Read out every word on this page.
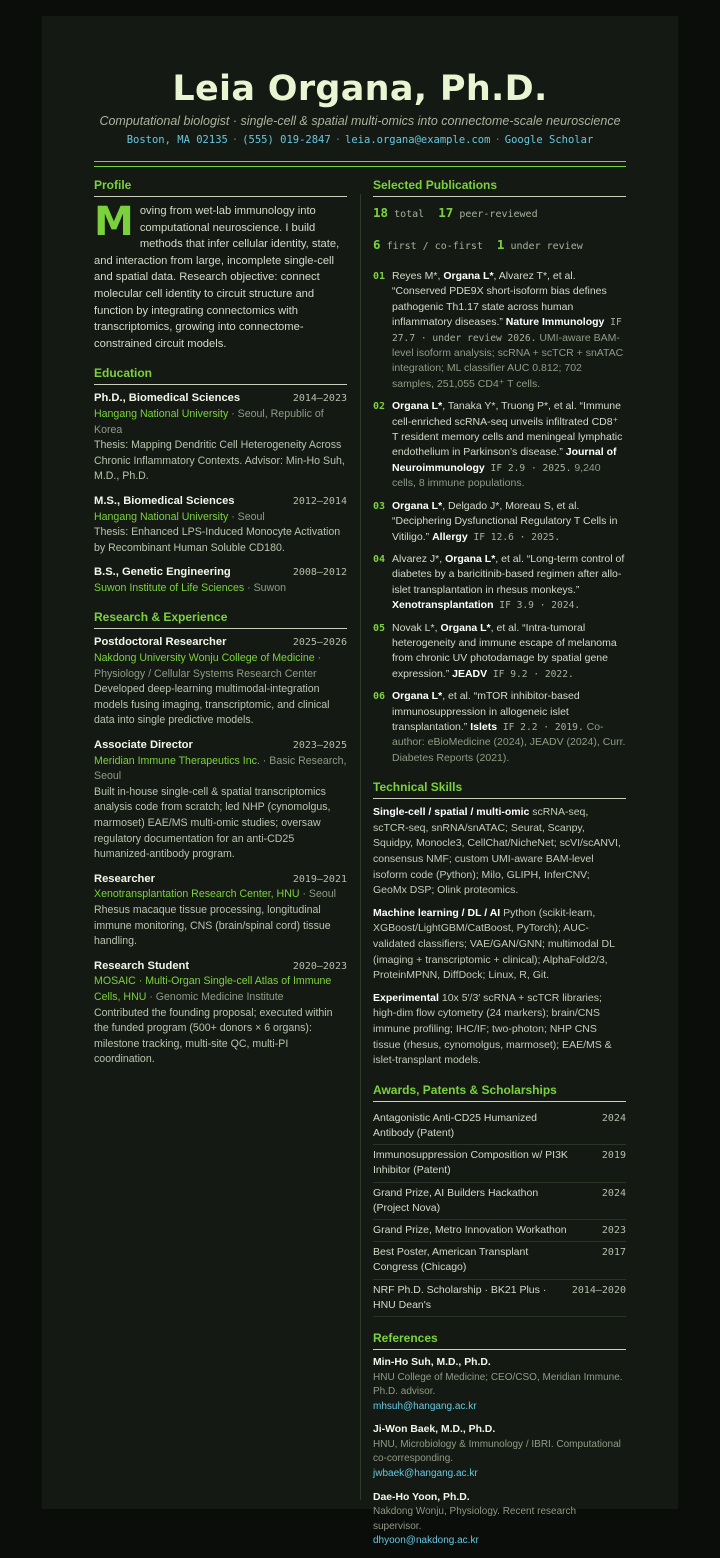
Leia Organa, Ph.D.
Computational biologist · single-cell & spatial multi-omics into connectome-scale neuroscience
Boston, MA 02135 · (555) 019-2847 · leia.organa@example.com · Google Scholar
Profile
Moving from wet-lab immunology into computational neuroscience. I build methods that infer cellular identity, state, and interaction from large, incomplete single-cell and spatial data. Research objective: connect molecular cell identity to circuit structure and function by integrating connectomics with transcriptomics, growing into connectome-constrained circuit models.
Education
Ph.D., Biomedical Sciences	2014–2023
Hangang National University · Seoul, Republic of Korea
Thesis: Mapping Dendritic Cell Heterogeneity Across Chronic Inflammatory Contexts. Advisor: Min-Ho Suh, M.D., Ph.D.
M.S., Biomedical Sciences	2012–2014
Hangang National University · Seoul
Thesis: Enhanced LPS-Induced Monocyte Activation by Recombinant Human Soluble CD180.
B.S., Genetic Engineering	2008–2012
Suwon Institute of Life Sciences · Suwon
Research & Experience
Postdoctoral Researcher	2025–2026
Nakdong University Wonju College of Medicine · Physiology / Cellular Systems Research Center
Developed deep-learning multimodal-integration models fusing imaging, transcriptomic, and clinical data into single predictive models.
Associate Director	2023–2025
Meridian Immune Therapeutics Inc. · Basic Research, Seoul
Built in-house single-cell & spatial transcriptomics analysis code from scratch; led NHP (cynomolgus, marmoset) EAE/MS multi-omic studies; oversaw regulatory documentation for an anti-CD25 humanized-antibody program.
Researcher	2019–2021
Xenotransplantation Research Center, HNU · Seoul
Rhesus macaque tissue processing, longitudinal immune monitoring, CNS (brain/spinal cord) tissue handling.
Research Student	2020–2023
MOSAIC · Multi-Organ Single-cell Atlas of Immune Cells, HNU · Genomic Medicine Institute
Contributed the founding proposal; executed within the funded program (500+ donors × 6 organs): milestone tracking, multi-site QC, multi-PI coordination.
Selected Publications
18 total 17 peer-reviewed
6 first / co-first 1 under review
01 Reyes M*, Organa L*, Alvarez T*, et al. “Conserved PDE9X short-isoform bias defines pathogenic Th1.17 state across human inflammatory diseases.” Nature Immunology IF 27.7 · under review 2026. UMI-aware BAM-level isoform analysis; scRNA + scTCR + snATAC integration; ML classifier AUC 0.812; 702 samples, 251,055 CD4⁺ T cells.
02 Organa L*, Tanaka Y*, Truong P*, et al. “Immune cell-enriched scRNA-seq unveils infiltrated CD8⁺ T resident memory cells and meningeal lymphatic endothelium in Parkinson’s disease.” Journal of Neuroimmunology IF 2.9 · 2025. 9,240 cells, 8 immune populations.
03 Organa L*, Delgado J*, Moreau S, et al. “Deciphering Dysfunctional Regulatory T Cells in Vitiligo.” Allergy IF 12.6 · 2025.
04 Alvarez J*, Organa L*, et al. “Long-term control of diabetes by a baricitinib-based regimen after allo-islet transplantation in rhesus monkeys.” Xenotransplantation IF 3.9 · 2024.
05 Novak L*, Organa L*, et al. “Intra-tumoral heterogeneity and immune escape of melanoma from chronic UV photodamage by spatial gene expression.” JEADV IF 9.2 · 2022.
06 Organa L*, et al. “mTOR inhibitor-based immunosuppression in allogeneic islet transplantation.” Islets IF 2.2 · 2019. Co-author: eBioMedicine (2024), JEADV (2024), Curr. Diabetes Reports (2021).
Technical Skills
Single-cell / spatial / multi-omic scRNA-seq, scTCR-seq, snRNA/snATAC; Seurat, Scanpy, Squidpy, Monocle3, CellChat/NicheNet; scVI/scANVI, consensus NMF; custom UMI-aware BAM-level isoform code (Python); Milo, GLIPH, InferCNV; GeoMx DSP; Olink proteomics.
Machine learning / DL / AI Python (scikit-learn, XGBoost/LightGBM/CatBoost, PyTorch); AUC-validated classifiers; VAE/GAN/GNN; multimodal DL (imaging + transcriptomic + clinical); AlphaFold2/3, ProteinMPNN, DiffDock; Linux, R, Git.
Experimental 10x 5′/3′ scRNA + scTCR libraries; high-dim flow cytometry (24 markers); brain/CNS immune profiling; IHC/IF; two-photon; NHP CNS tissue (rhesus, cynomolgus, marmoset); EAE/MS & islet-transplant models.
Awards, Patents & Scholarships
Antagonistic Anti-CD25 Humanized Antibody (Patent)
2024
Immunosuppression Composition w/ PI3K Inhibitor (Patent)
2019
Grand Prize, AI Builders Hackathon (Project Nova)
2024
Grand Prize, Metro Innovation Workathon	2023
Best Poster, American Transplant Congress (Chicago)
2017
NRF Ph.D. Scholarship · BK21 Plus · HNU Dean's
2014–2020
References
Min-Ho Suh, M.D., Ph.D.
HNU College of Medicine; CEO/CSO, Meridian Immune. Ph.D. advisor.
mhsuh@hangang.ac.kr
Ji-Won Baek, M.D., Ph.D.
HNU, Microbiology & Immunology / IBRI. Computational co-corresponding.
jwbaek@hangang.ac.kr
Dae-Ho Yoon, Ph.D.
Nakdong Wonju, Physiology. Recent research supervisor.
dhyoon@nakdong.ac.kr
